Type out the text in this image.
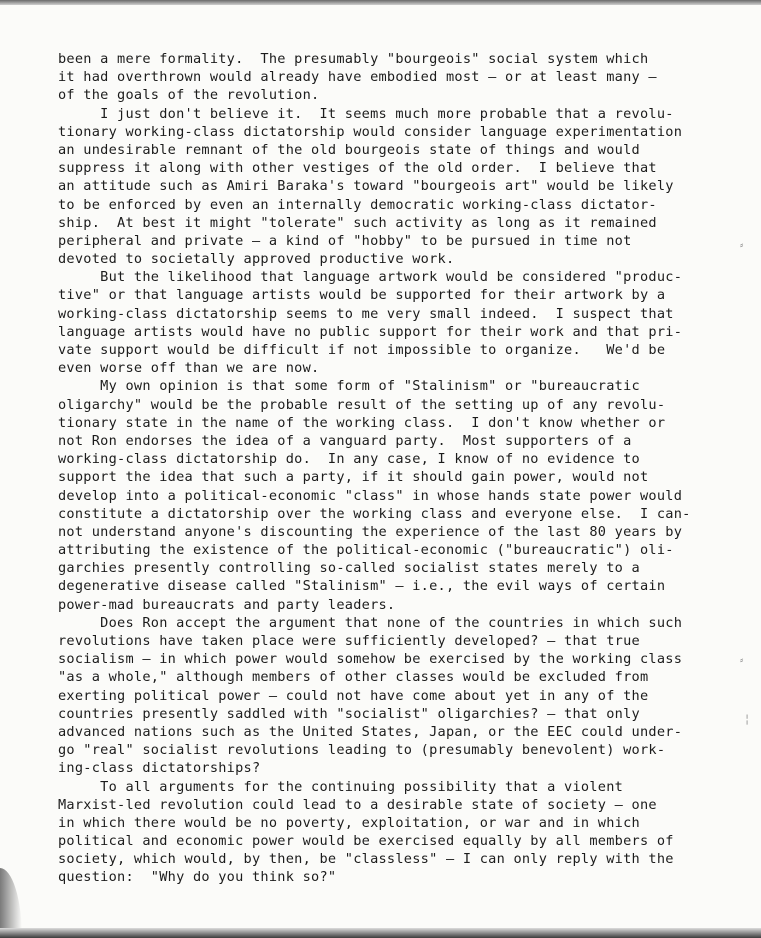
been a mere formality.  The presumably "bourgeois" social system which
it had overthrown would already have embodied most — or at least many —
of the goals of the revolution.
I just don't believe it.  It seems much more probable that a revolu-
tionary working-class dictatorship would consider language experimentation
an undesirable remnant of the old bourgeois state of things and would
suppress it along with other vestiges of the old order.  I believe that
an attitude such as Amiri Baraka's toward "bourgeois art" would be likely
to be enforced by even an internally democratic working-class dictator-
ship.  At best it might "tolerate" such activity as long as it remained
peripheral and private — a kind of "hobby" to be pursued in time not
devoted to societally approved productive work.
But the likelihood that language artwork would be considered "produc-
tive" or that language artists would be supported for their artwork by a
working-class dictatorship seems to me very small indeed.  I suspect that
language artists would have no public support for their work and that pri-
vate support would be difficult if not impossible to organize.   We'd be
even worse off than we are now.
My own opinion is that some form of "Stalinism" or "bureaucratic
oligarchy" would be the probable result of the setting up of any revolu-
tionary state in the name of the working class.  I don't know whether or
not Ron endorses the idea of a vanguard party.  Most supporters of a
working-class dictatorship do.  In any case, I know of no evidence to
support the idea that such a party, if it should gain power, would not
develop into a political-economic "class" in whose hands state power would
constitute a dictatorship over the working class and everyone else.  I can-
not understand anyone's discounting the experience of the last 80 years by
attributing the existence of the political-economic ("bureaucratic") oli-
garchies presently controlling so-called socialist states merely to a
degenerative disease called "Stalinism" — i.e., the evil ways of certain
power-mad bureaucrats and party leaders.
Does Ron accept the argument that none of the countries in which such
revolutions have taken place were sufficiently developed? — that true
socialism — in which power would somehow be exercised by the working class
"as a whole," although members of other classes would be excluded from
exerting political power — could not have come about yet in any of the
countries presently saddled with "socialist" oligarchies? — that only
advanced nations such as the United States, Japan, or the EEC could under-
go "real" socialist revolutions leading to (presumably benevolent) work-
ing-class dictatorships?
To all arguments for the continuing possibility that a violent
Marxist-led revolution could lead to a desirable state of society — one
in which there would be no poverty, exploitation, or war and in which
political and economic power would be exercised equally by all members of
society, which would, by then, be "classless" — I can only reply with the
question:  "Why do you think so?"
⸗
⸗
╎
